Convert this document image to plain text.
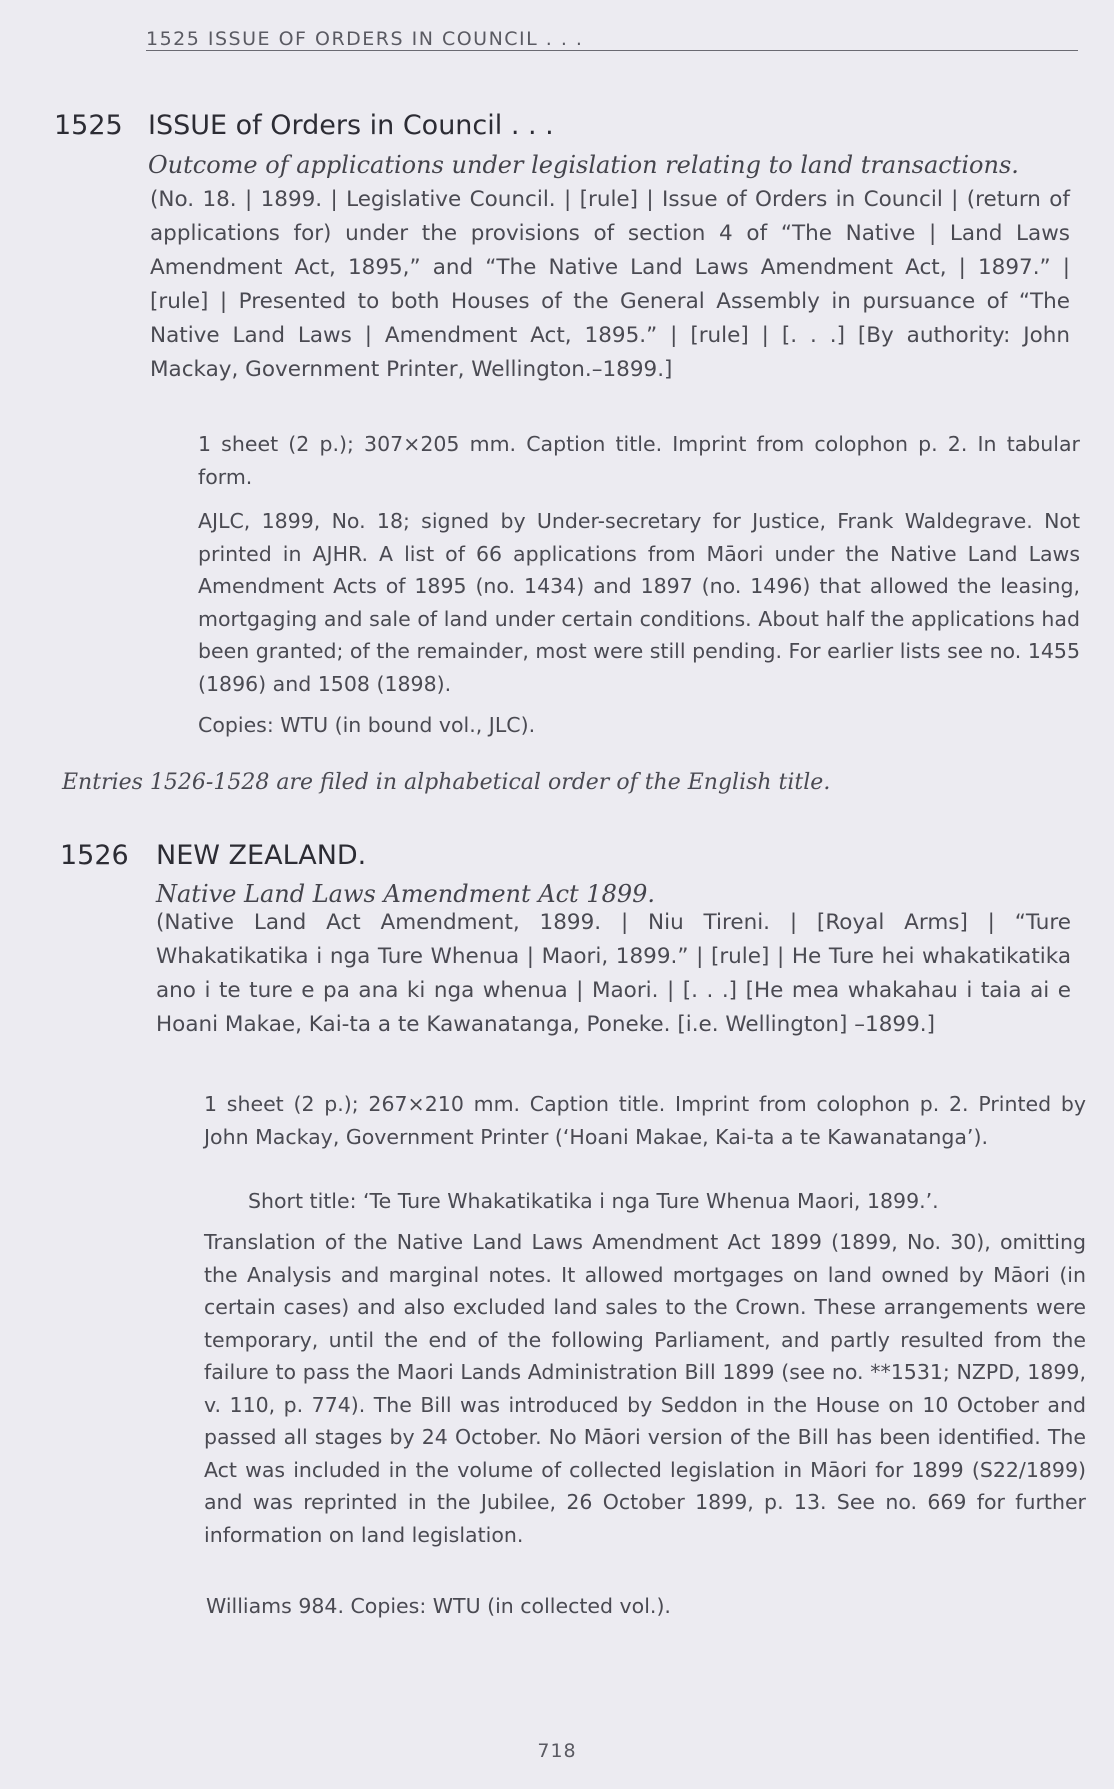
1525 ISSUE OF ORDERS IN COUNCIL . . .
1525 ISSUE of Orders in Council . . .
Outcome of applications under legislation relating to land transactions.
(No. 18. | 1899. | Legislative Council. | [rule] | Issue of Orders in Council | (return of applications for) under the provisions of section 4 of “The Native | Land Laws Amendment Act, 1895,” and “The Native Land Laws Amendment Act, | 1897.” | [rule] | Presented to both Houses of the General Assembly in pursuance of “The Native Land Laws | Amendment Act, 1895.” | [rule] | [. . .] [By authority: John Mackay, Government Printer, Wellington.–1899.]
1 sheet (2 p.); 307×205 mm. Caption title. Imprint from colophon p. 2. In tabular form.
AJLC, 1899, No. 18; signed by Under-secretary for Justice, Frank Waldegrave. Not printed in AJHR. A list of 66 applications from Māori under the Native Land Laws Amendment Acts of 1895 (no. 1434) and 1897 (no. 1496) that allowed the leasing, mortgaging and sale of land under certain conditions. About half the applications had been granted; of the remainder, most were still pending. For earlier lists see no. 1455 (1896) and 1508 (1898).
Copies: WTU (in bound vol., JLC).
Entries 1526-1528 are filed in alphabetical order of the English title.
1526 NEW ZEALAND.
Native Land Laws Amendment Act 1899.
(Native Land Act Amendment, 1899. | Niu Tireni. | [Royal Arms] | “Ture Whakatikatika i nga Ture Whenua | Maori, 1899.” | [rule] | He Ture hei whakatikatika ano i te ture e pa ana ki nga whenua | Maori. | [. . .] [He mea whakahau i taia ai e Hoani Makae, Kai-ta a te Kawanatanga, Poneke. [i.e. Wellington] –1899.]
1 sheet (2 p.); 267×210 mm. Caption title. Imprint from colophon p. 2. Printed by John Mackay, Government Printer (‘Hoani Makae, Kai-ta a te Kawanatanga’).
Short title: ‘Te Ture Whakatikatika i nga Ture Whenua Maori, 1899.’.
Translation of the Native Land Laws Amendment Act 1899 (1899, No. 30), omitting the Analysis and marginal notes. It allowed mortgages on land owned by Māori (in certain cases) and also excluded land sales to the Crown. These arrangements were temporary, until the end of the following Parliament, and partly resulted from the failure to pass the Maori Lands Administration Bill 1899 (see no. **1531; NZPD, 1899, v. 110, p. 774). The Bill was introduced by Seddon in the House on 10 October and passed all stages by 24 October. No Māori version of the Bill has been identified. The Act was included in the volume of collected legislation in Māori for 1899 (S22/1899) and was reprinted in the Jubilee, 26 October 1899, p. 13. See no. 669 for further information on land legislation.
Williams 984. Copies: WTU (in collected vol.).
718
